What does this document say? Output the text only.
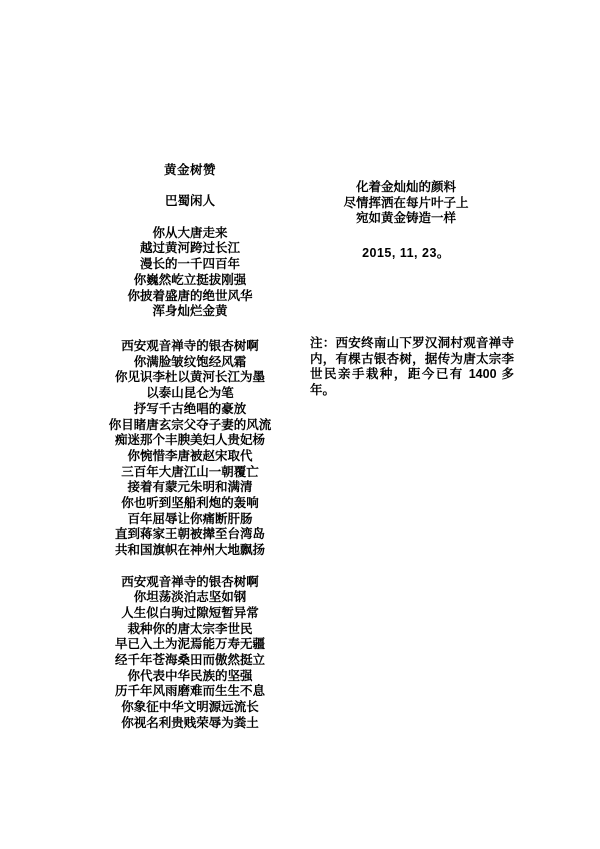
黄金树赞
巴蜀闲人
你从大唐走来
越过黄河跨过长江
漫长的一千四百年
你巍然屹立挺拔刚强
你披着盛唐的绝世风华
浑身灿烂金黄
西安观音禅寺的银杏树啊
你满脸皱纹饱经风霜
你见识李杜以黄河长江为墨
以泰山昆仑为笔
抒写千古绝唱的豪放
你目睹唐玄宗父夺子妻的风流
痴迷那个丰腴美妇人贵妃杨
你惋惜李唐被赵宋取代
三百年大唐江山一朝覆亡
接着有蒙元朱明和满清
你也听到坚船利炮的轰响
百年屈辱让你痛断肝肠
直到蒋家王朝被撵至台湾岛
共和国旗帜在神州大地飘扬
西安观音禅寺的银杏树啊
你坦荡淡泊志坚如钢
人生似白驹过隙短暂异常
栽种你的唐太宗李世民
早已入土为泥焉能万寿无疆
经千年苍海桑田而傲然挺立
你代表中华民族的坚强
历千年风雨磨难而生生不息
你象征中华文明源远流长
你视名利贵贱荣辱为粪土
化着金灿灿的颜料
尽情挥洒在每片叶子上
宛如黄金铸造一样
2015, 11, 23。
注：西安终南山下罗汉洞村观音禅寺内，有棵古银杏树，据传为唐太宗李世民亲手栽种，距今已有 1400 多年。
